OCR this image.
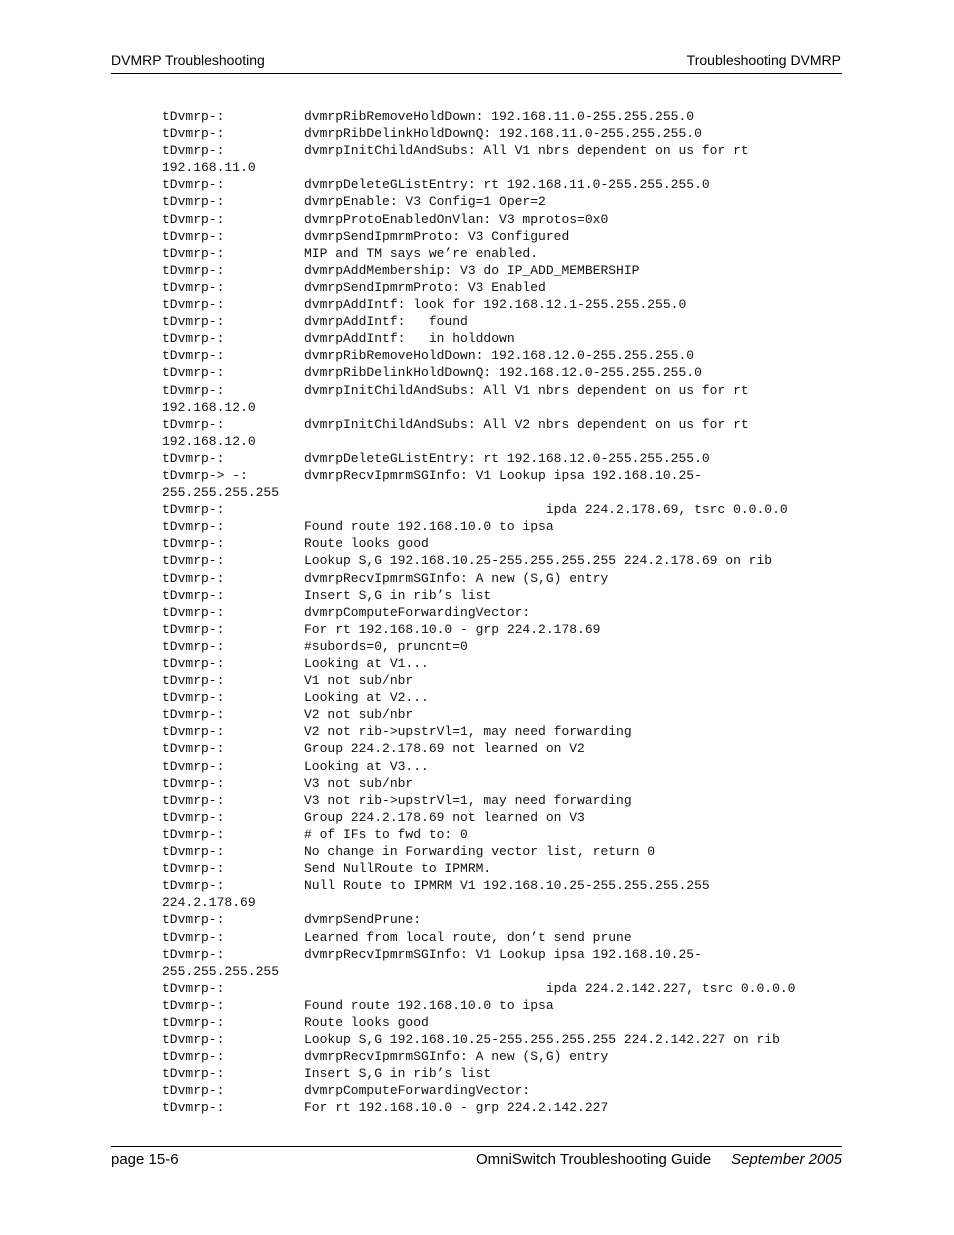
DVMRP Troubleshooting	Troubleshooting DVMRP
tDvmrp-:	dvmrpRibRemoveHoldDown: 192.168.11.0-255.255.255.0
tDvmrp-:	dvmrpRibDelinkHoldDownQ: 192.168.11.0-255.255.255.0
tDvmrp-:	dvmrpInitChildAndSubs: All V1 nbrs dependent on us for rt
192.168.11.0
tDvmrp-:	dvmrpDeleteGListEntry: rt 192.168.11.0-255.255.255.0
tDvmrp-:	dvmrpEnable: V3 Config=1 Oper=2
tDvmrp-:	dvmrpProtoEnabledOnVlan: V3 mprotos=0x0
tDvmrp-:	dvmrpSendIpmrmProto: V3 Configured
tDvmrp-:	MIP and TM says we’re enabled.
tDvmrp-:	dvmrpAddMembership: V3 do IP_ADD_MEMBERSHIP
tDvmrp-:	dvmrpSendIpmrmProto: V3 Enabled
tDvmrp-:	dvmrpAddIntf: look for 192.168.12.1-255.255.255.0
tDvmrp-:	dvmrpAddIntf:   found
tDvmrp-:	dvmrpAddIntf:   in holddown
tDvmrp-:	dvmrpRibRemoveHoldDown: 192.168.12.0-255.255.255.0
tDvmrp-:	dvmrpRibDelinkHoldDownQ: 192.168.12.0-255.255.255.0
tDvmrp-:	dvmrpInitChildAndSubs: All V1 nbrs dependent on us for rt
192.168.12.0
tDvmrp-:	dvmrpInitChildAndSubs: All V2 nbrs dependent on us for rt
192.168.12.0
tDvmrp-:	dvmrpDeleteGListEntry: rt 192.168.12.0-255.255.255.0
tDvmrp-> -:	dvmrpRecvIpmrmSGInfo: V1 Lookup ipsa 192.168.10.25-
255.255.255.255
tDvmrp-:	ipda 224.2.178.69, tsrc 0.0.0.0
tDvmrp-:	Found route 192.168.10.0 to ipsa
tDvmrp-:	Route looks good
tDvmrp-:	Lookup S,G 192.168.10.25-255.255.255.255 224.2.178.69 on rib
tDvmrp-:	dvmrpRecvIpmrmSGInfo: A new (S,G) entry
tDvmrp-:	Insert S,G in rib’s list
tDvmrp-:	dvmrpComputeForwardingVector:
tDvmrp-:	For rt 192.168.10.0 - grp 224.2.178.69
tDvmrp-:	#subords=0, pruncnt=0
tDvmrp-:	Looking at V1...
tDvmrp-:	V1 not sub/nbr
tDvmrp-:	Looking at V2...
tDvmrp-:	V2 not sub/nbr
tDvmrp-:	V2 not rib->upstrVl=1, may need forwarding
tDvmrp-:	Group 224.2.178.69 not learned on V2
tDvmrp-:	Looking at V3...
tDvmrp-:	V3 not sub/nbr
tDvmrp-:	V3 not rib->upstrVl=1, may need forwarding
tDvmrp-:	Group 224.2.178.69 not learned on V3
tDvmrp-:	# of IFs to fwd to: 0
tDvmrp-:	No change in Forwarding vector list, return 0
tDvmrp-:	Send NullRoute to IPMRM.
tDvmrp-:	Null Route to IPMRM V1 192.168.10.25-255.255.255.255
224.2.178.69
tDvmrp-:	dvmrpSendPrune:
tDvmrp-:	Learned from local route, don’t send prune
tDvmrp-:	dvmrpRecvIpmrmSGInfo: V1 Lookup ipsa 192.168.10.25-
255.255.255.255
tDvmrp-:	ipda 224.2.142.227, tsrc 0.0.0.0
tDvmrp-:	Found route 192.168.10.0 to ipsa
tDvmrp-:	Route looks good
tDvmrp-:	Lookup S,G 192.168.10.25-255.255.255.255 224.2.142.227 on rib
tDvmrp-:	dvmrpRecvIpmrmSGInfo: A new (S,G) entry
tDvmrp-:	Insert S,G in rib’s list
tDvmrp-:	dvmrpComputeForwardingVector:
tDvmrp-:	For rt 192.168.10.0 - grp 224.2.142.227
page 15-6	OmniSwitch Troubleshooting Guide September 2005
